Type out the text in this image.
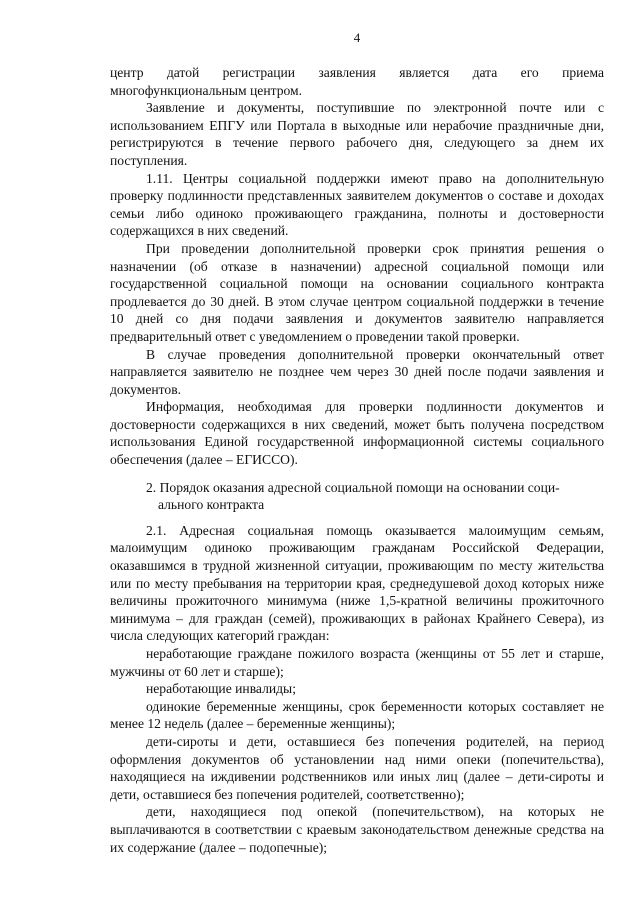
4

центр датой регистрации заявления является дата его приема многофункциональным центром.

Заявление и документы, поступившие по электронной почте или с использованием ЕПГУ или Портала в выходные или нерабочие праздничные дни, регистрируются в течение первого рабочего дня, следующего за днем их поступления.

1.11. Центры социальной поддержки имеют право на дополнительную проверку подлинности представленных заявителем документов о составе и доходах семьи либо одиноко проживающего гражданина, полноты и достоверности содержащихся в них сведений.

При проведении дополнительной проверки срок принятия решения о назначении (об отказе в назначении) адресной социальной помощи или государственной социальной помощи на основании социального контракта продлевается до 30 дней. В этом случае центром социальной поддержки в течение 10 дней со дня подачи заявления и документов заявителю направляется предварительный ответ с уведомлением о проведении такой проверки.

В случае проведения дополнительной проверки окончательный ответ направляется заявителю не позднее чем через 30 дней после подачи заявления и документов.

Информация, необходимая для проверки подлинности документов и достоверности содержащихся в них сведений, может быть получена посредством использования Единой государственной информационной системы социального обеспечения (далее – ЕГИССО).

2. Порядок оказания адресной социальной помощи на основании соци-
ального контракта

2.1. Адресная социальная помощь оказывается малоимущим семьям, малоимущим одиноко проживающим гражданам Российской Федерации, оказавшимся в трудной жизненной ситуации, проживающим по месту жительства или по месту пребывания на территории края, среднедушевой доход которых ниже величины прожиточного минимума (ниже 1,5-кратной величины прожиточного минимума – для граждан (семей), проживающих в районах Крайнего Севера), из числа следующих категорий граждан:

неработающие граждане пожилого возраста (женщины от 55 лет и старше, мужчины от 60 лет и старше);

неработающие инвалиды;

одинокие беременные женщины, срок беременности которых составляет не менее 12 недель (далее – беременные женщины);

дети-сироты и дети, оставшиеся без попечения родителей, на период оформления документов об установлении над ними опеки (попечительства), находящиеся на иждивении родственников или иных лиц (далее – дети-сироты и дети, оставшиеся без попечения родителей, соответственно);

дети, находящиеся под опекой (попечительством), на которых не выплачиваются в соответствии с краевым законодательством денежные средства на их содержание (далее – подопечные);
